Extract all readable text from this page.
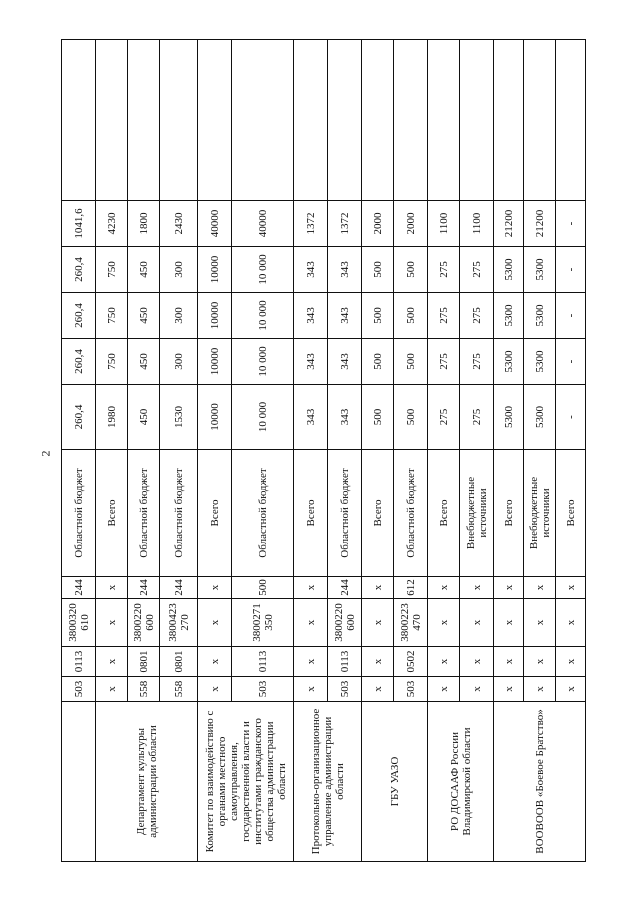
2
	503	0113	3800320 610	244	Областной бюджет	260,4	260,4	260,4	260,4	1041,6	
Департамент культуры администрации области	х	х	х	х	Всего	1980	750	750	750	4230	
	558	0801	3800220 600	244	Областной бюджет	450	450	450	450	1800	
	558	0801	3800423 270	244	Областной бюджет	1530	300	300	300	2430	
Комитет по взаимодействию с органами местного самоуправления, государственной власти и институтами гражданского общества администрации области	х	х	х	х	Всего	10000	10000	10000	10000	40000	
	503	0113	3800271 350	500	Областной бюджет	10 000	10 000	10 000	10 000	40000	
Протокольно-организационное управление администрации области	х	х	х	х	Всего	343	343	343	343	1372	
	503	0113	3800220 600	244	Областной бюджет	343	343	343	343	1372	
ГБУ УАЗО	х	х	х	х	Всего	500	500	500	500	2000	
	503	0502	3800223 470	612	Областной бюджет	500	500	500	500	2000	
РО ДОСААФ России Владимирской области	х	х	х	х	Всего	275	275	275	275	1100	
	х	х	х	х	Внебюджетные источники	275	275	275	275	1100	
ВООВООВ «Боевое Братство»	х	х	х	х	Всего	5300	5300	5300	5300	21200	
	х	х	х	х	Внебюджетные источники	5300	5300	5300	5300	21200	
	х	х	х	х	Всего	-	-	-	-	-	
